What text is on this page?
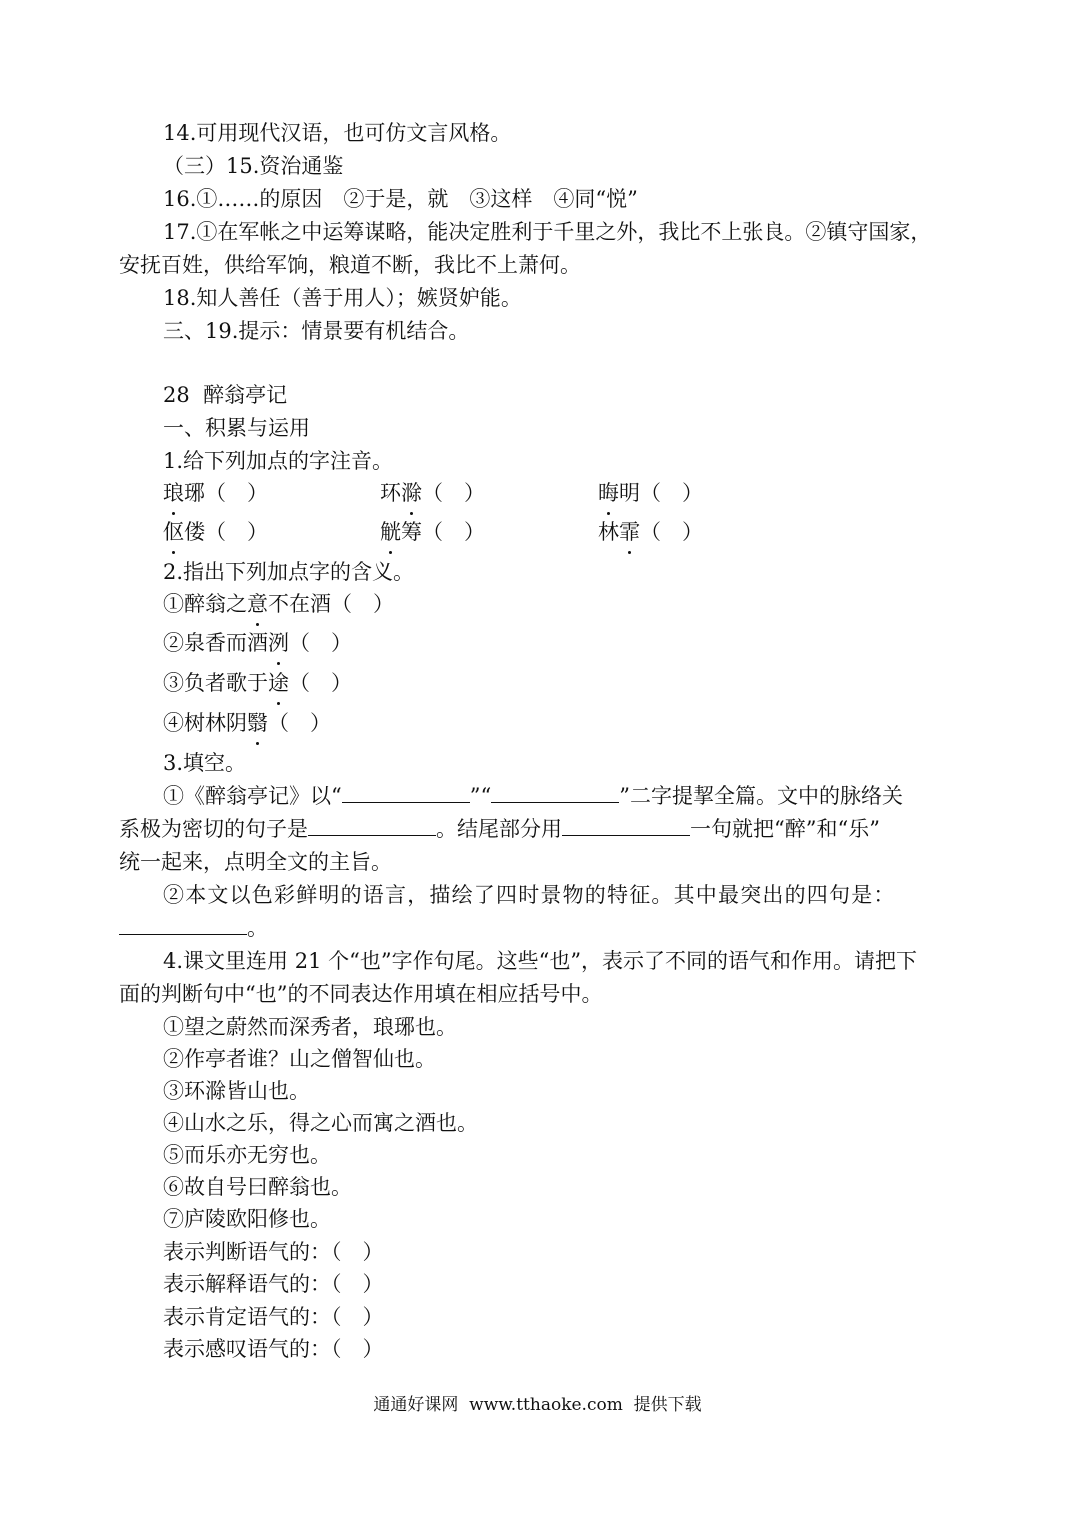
14.可用现代汉语，也可仿文言风格。
（三）15.资治通鉴
16.①……的原因　②于是，就　③这样　④同“悦”
17.①在军帐之中运筹谋略，能决定胜利于千里之外，我比不上张良。②镇守国家，
安抚百姓，供给军饷，粮道不断，我比不上萧何。
18.知人善任（善于用人）；嫉贤妒能。
三、19.提示：情景要有机结合。
28  醉翁亭记
一、积累与运用
1.给下列加点的字注音。
琅琊（　）	环滁（　）	晦明（　）
伛偻（　）	觥筹（　）	林霏（　）
2.指出下列加点字的含义。
①醉翁之意不在酒（　）
②泉香而酒洌（　）
③负者歌于途（　）
④树林阴翳（　）
3.填空。
①《醉翁亭记》以“	”“	”二字提挈全篇。文中的脉络关
系极为密切的句子是	。结尾部分用	一句就把“醉”和“乐”
统一起来，点明全文的主旨。
②本文以色彩鲜明的语言，描绘了四时景物的特征。其中最突出的四句是：
。
4.课文里连用 21 个“也”字作句尾。这些“也”，表示了不同的语气和作用。请把下
面的判断句中“也”的不同表达作用填在相应括号中。
①望之蔚然而深秀者，琅琊也。
②作亭者谁？山之僧智仙也。
③环滁皆山也。
④山水之乐，得之心而寓之酒也。
⑤而乐亦无穷也。
⑥故自号曰醉翁也。
⑦庐陵欧阳修也。
表示判断语气的：（　）
表示解释语气的：（　）
表示肯定语气的：（　）
表示感叹语气的：（　）
通通好课网  www.tthaoke.com  提供下载
